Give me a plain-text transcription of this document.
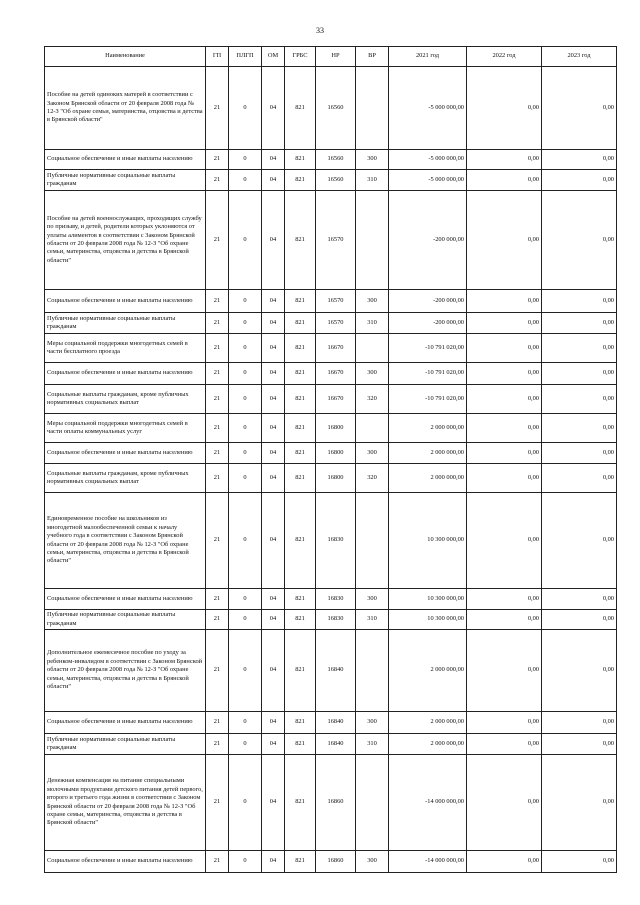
33
Наименование	ГП	ПЛГП	ОМ	ГРБС	НР	ВР	2021 год	2022 год	2023 год
Пособие на детей одиноких матерей в соответствии с Законом Брянской области от 20 февраля 2008 года № 12-З "Об охране семьи, материнства, отцовства и детства в Брянской области"	21	0	04	821	16560		-5 000 000,00	0,00	0,00
Социальное обеспечение и иные выплаты населению	21	0	04	821	16560	300	-5 000 000,00	0,00	0,00
Публичные нормативные социальные выплаты гражданам	21	0	04	821	16560	310	-5 000 000,00	0,00	0,00
Пособие на детей военнослужащих, проходящих службу по призыву, и детей, родители которых уклоняются от уплаты алиментов в соответствии с Законом Брянской области от 20 февраля 2008 года № 12-З "Об охране семьи, материнства, отцовства и детства в Брянской области"	21	0	04	821	16570		-200 000,00	0,00	0,00
Социальное обеспечение и иные выплаты населению	21	0	04	821	16570	300	-200 000,00	0,00	0,00
Публичные нормативные социальные выплаты гражданам	21	0	04	821	16570	310	-200 000,00	0,00	0,00
Меры социальной поддержки многодетных семей в части бесплатного проезда	21	0	04	821	16670		-10 791 020,00	0,00	0,00
Социальное обеспечение и иные выплаты населению	21	0	04	821	16670	300	-10 791 020,00	0,00	0,00
Социальные выплаты гражданам, кроме публичных нормативных социальных выплат	21	0	04	821	16670	320	-10 791 020,00	0,00	0,00
Меры социальной поддержки многодетных семей в части оплаты коммунальных услуг	21	0	04	821	16800		2 000 000,00	0,00	0,00
Социальное обеспечение и иные выплаты населению	21	0	04	821	16800	300	2 000 000,00	0,00	0,00
Социальные выплаты гражданам, кроме публичных нормативных социальных выплат	21	0	04	821	16800	320	2 000 000,00	0,00	0,00
Единовременное пособие на школьников из многодетной малообеспеченной семьи к началу учебного года в соответствии с Законом Брянской области от 20 февраля 2008 года № 12-З "Об охране семьи, материнства, отцовства и детства в Брянской области"	21	0	04	821	16830		10 300 000,00	0,00	0,00
Социальное обеспечение и иные выплаты населению	21	0	04	821	16830	300	10 300 000,00	0,00	0,00
Публичные нормативные социальные выплаты гражданам	21	0	04	821	16830	310	10 300 000,00	0,00	0,00
Дополнительное ежемесячное пособие по уходу за ребенком-инвалидом в соответствии с Законом Брянской области от 20 февраля 2008 года № 12-З "Об охране семьи, материнства, отцовства и детства в Брянской области"	21	0	04	821	16840		2 000 000,00	0,00	0,00
Социальное обеспечение и иные выплаты населению	21	0	04	821	16840	300	2 000 000,00	0,00	0,00
Публичные нормативные социальные выплаты гражданам	21	0	04	821	16840	310	2 000 000,00	0,00	0,00
Денежная компенсация на питание специальными молочными продуктами детского питания детей первого, второго и третьего года жизни в соответствии с Законом Брянской области от 20 февраля 2008 года № 12-З "Об охране семьи, материнства, отцовства и детства в Брянской области"	21	0	04	821	16860		-14 000 000,00	0,00	0,00
Социальное обеспечение и иные выплаты населению	21	0	04	821	16860	300	-14 000 000,00	0,00	0,00
